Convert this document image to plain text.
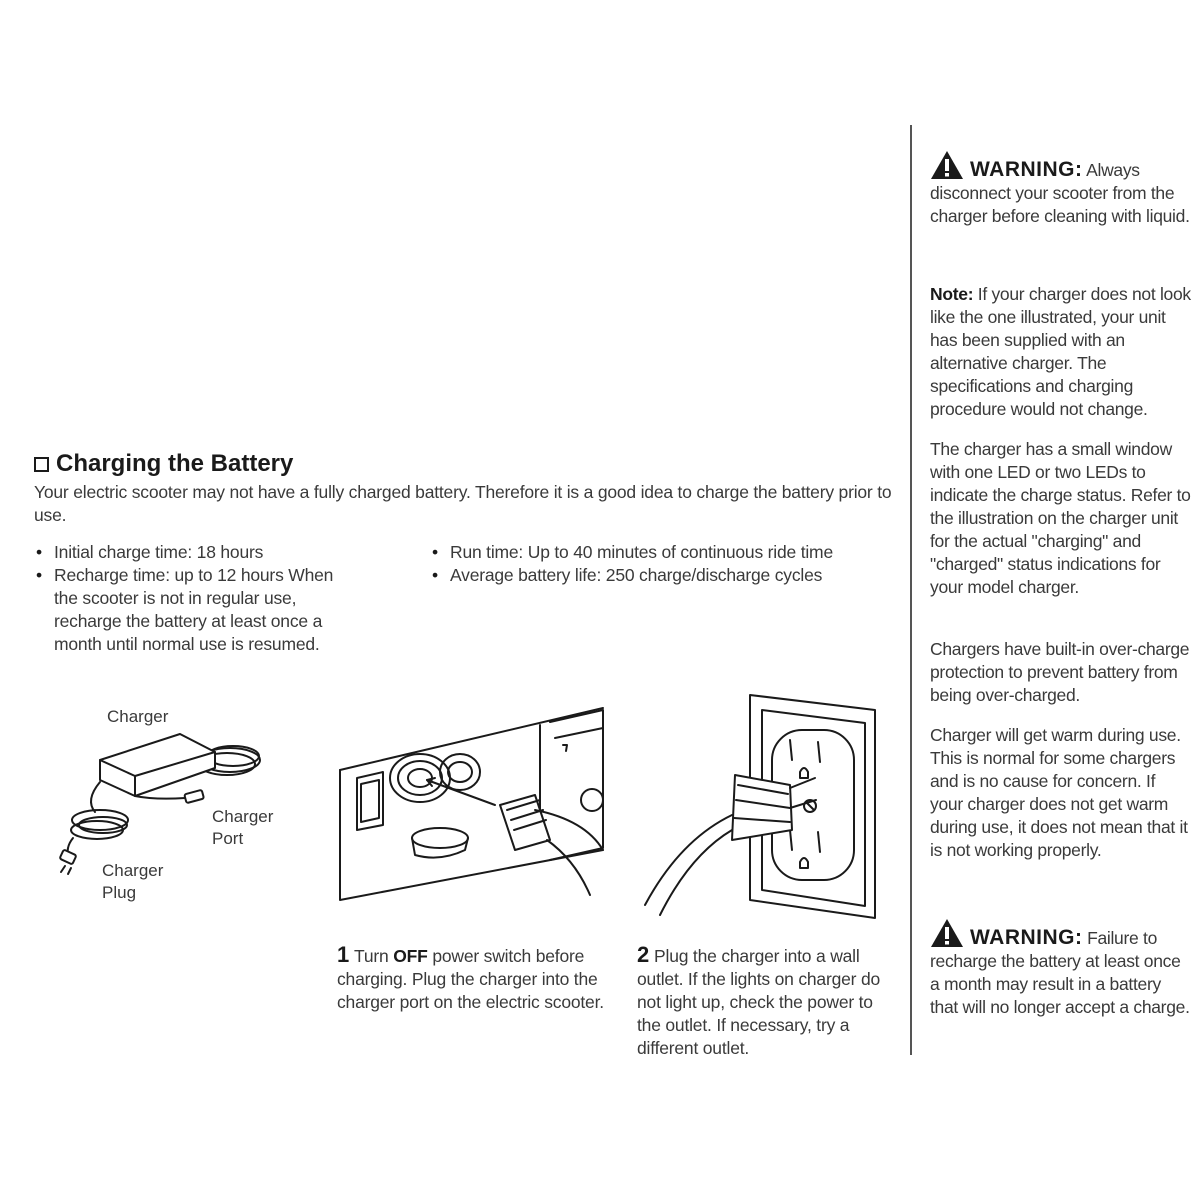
Charging the Battery
Your electric scooter may not have a fully charged battery. Therefore it is a good idea to charge the battery prior to use.
• Initial charge time: 18 hours
• Recharge time: up to 12 hours When the scooter is not in regular use, recharge the battery at least once a month until normal use is resumed.
• Run time: Up to 40 minutes of continuous ride time
• Average battery life: 250 charge/discharge cycles
Charger
Charger
Port
Charger
Plug
1 Turn OFF power switch before charging. Plug the charger into the charger port on the electric scooter.
2 Plug the charger into a wall outlet. If the lights on charger do not light up, check the power to the outlet. If necessary, try a different outlet.
WARNING: Always disconnect your scooter from the charger before cleaning with liquid.
Note: If your charger does not look like the one illustrated, your unit has been supplied with an alternative charger. The specifications and charging procedure would not change.
The charger has a small window with one LED or two LEDs to indicate the charge status. Refer to the illustration on the charger unit for the actual "charging" and "charged" status indications for your model charger.
Chargers have built-in over-charge protection to prevent battery from being over-charged.
Charger will get warm during use. This is normal for some chargers and is no cause for concern. If your charger does not get warm during use, it does not mean that it is not working properly.
WARNING: Failure to recharge the battery at least once a month may result in a battery that will no longer accept a charge.
